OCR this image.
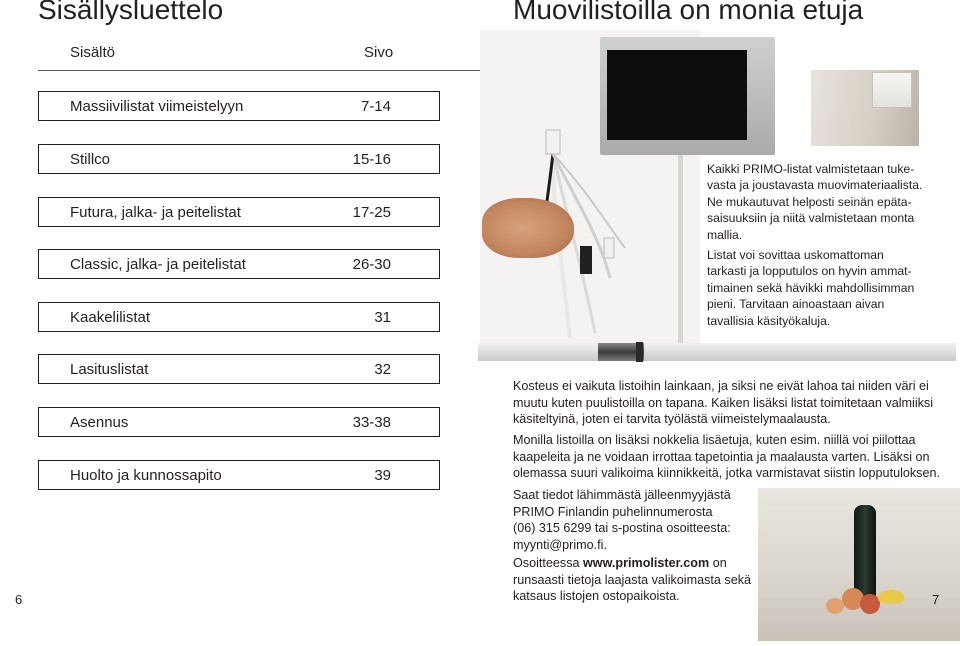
Sisällysluettelo
Sisältö	Sivo
Massiivilistat viimeistelyyn	7-14
Stillco	15-16
Futura, jalka- ja peitelistat	17-25
Classic, jalka- ja peitelistat	26-30
Kaakelilistat	31
Lasituslistat	32
Asennus	33-38
Huolto ja kunnossapito	39
6
Muovilistoilla on monia etuja
Kaikki PRIMO-listat valmistetaan tuke-
vasta ja joustavasta muovimateriaalista.
Ne mukautuvat helposti seinän epäta-
saisuuksiin ja niitä valmistetaan monta
mallia.
Listat voi sovittaa uskomattoman
tarkasti ja lopputulos on hyvin ammat-
timainen sekä hävikki mahdollisimman
pieni. Tarvitaan ainoastaan aivan
tavallisia käsityökaluja.
Kosteus ei vaikuta listoihin lainkaan, ja siksi ne eivät lahoa tai niiden väri ei
muutu kuten puulistoilla on tapana. Kaiken lisäksi listat toimitetaan valmiiksi
käsiteltyinä, joten ei tarvita työlästä viimeistelymaalausta.
Monilla listoilla on lisäksi nokkelia lisäetuja, kuten esim. niillä voi piilottaa
kaapeleita ja ne voidaan irrottaa tapetointia ja maalausta varten. Lisäksi on
olemassa suuri valikoima kiinnikkeitä, jotka varmistavat siistin lopputuloksen.
Saat tiedot lähimmästä jälleenmyyjästä
PRIMO Finlandin puhelinnumerosta
(06) 315 6299 tai s-postina osoitteesta:
myynti@primo.fi.
Osoitteessa www.primolister.com on
runsaasti tietoja laajasta valikoimasta sekä
katsaus listojen ostopaikoista.	7
